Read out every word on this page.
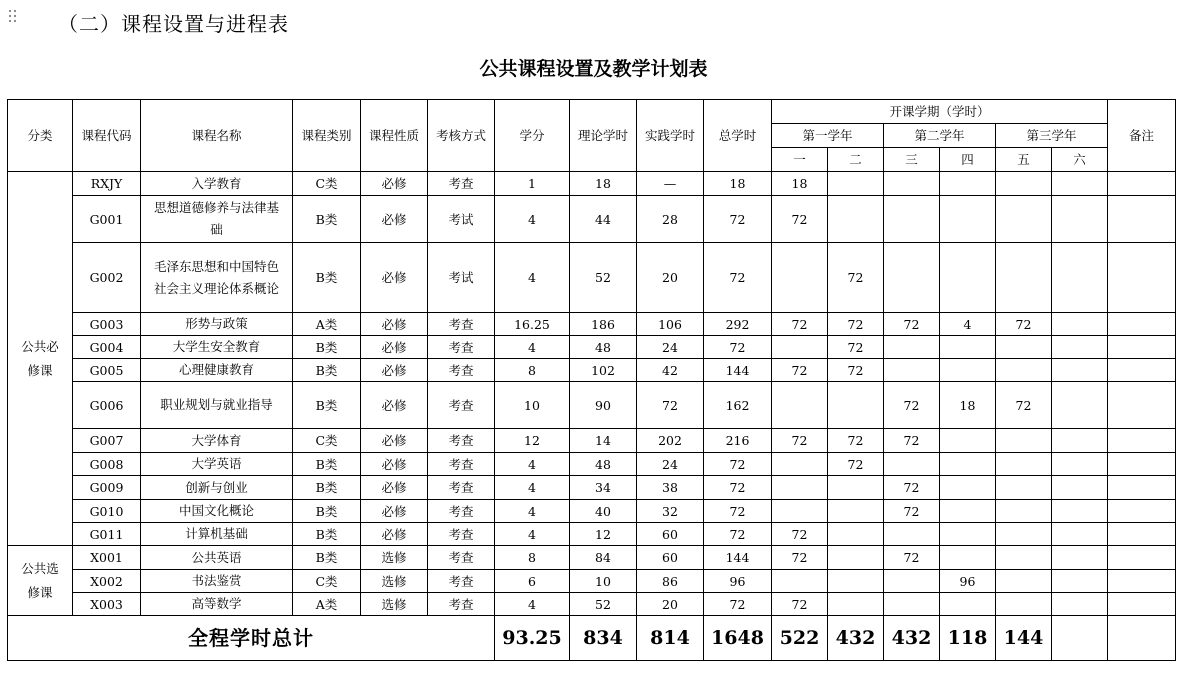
（二）课程设置与进程表
公共课程设置及教学计划表
分类	课程代码	课程名称	课程类别	课程性质	考核方式	学分	理论学时	实践学时	总学时	开课学期（学时）						备注
										第一学年		第二学年		第三学年		
										一	二	三	四	五	六	
公共必修课	RXJY	入学教育	C类	必修	考查	1	18	—	18	18						
	G001	思想道德修养与法律基础	B类	必修	考试	4	44	28	72	72						
	G002	毛泽东思想和中国特色社会主义理论体系概论	B类	必修	考试	4	52	20	72		72					
	G003	形势与政策	A类	必修	考查	16.25	186	106	292	72	72	72	4	72		
	G004	大学生安全教育	B类	必修	考查	4	48	24	72		72					
	G005	心理健康教育	B类	必修	考查	8	102	42	144	72	72					
	G006	职业规划与就业指导	B类	必修	考查	10	90	72	162			72	18	72		
	G007	大学体育	C类	必修	考查	12	14	202	216	72	72	72				
	G008	大学英语	B类	必修	考查	4	48	24	72		72					
	G009	创新与创业	B类	必修	考查	4	34	38	72			72				
	G010	中国文化概论	B类	必修	考查	4	40	32	72			72				
	G011	计算机基础	B类	必修	考查	4	12	60	72	72						
公共选修课	X001	公共英语	B类	选修	考查	8	84	60	144	72		72				
	X002	书法鉴赏	C类	选修	考查	6	10	86	96				96			
	X003	高等数学	A类	选修	考查	4	52	20	72	72						
全程学时总计						93.25	834	814	1648	522	432	432	118	144		
